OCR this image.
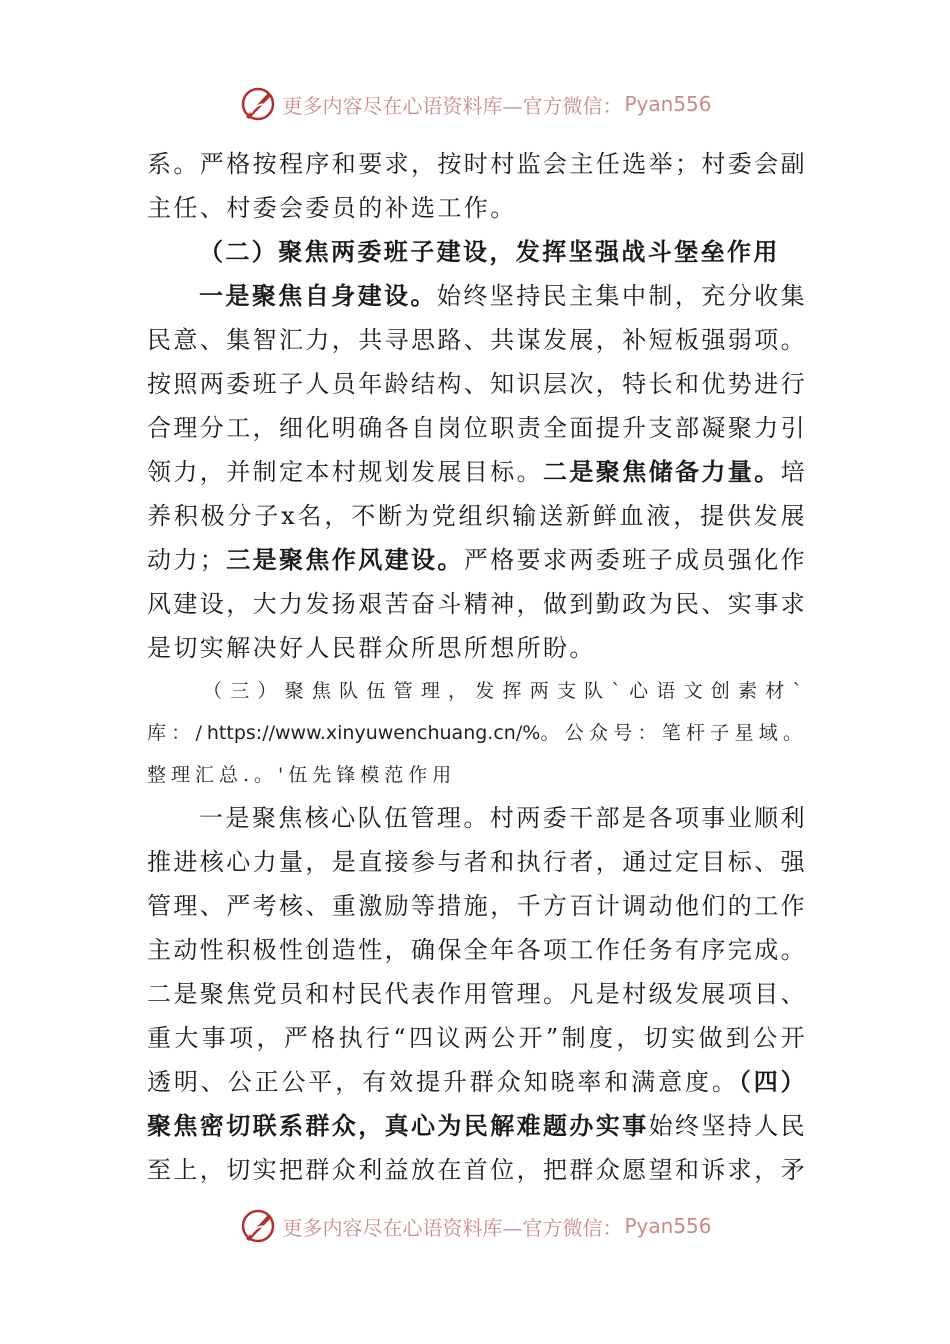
更多内容尽在心语资料库—官方微信： Pyan556

系。严格按程序和要求，按时村监会主任选举；村委会副主任、村委会委员的补选工作。

（二）聚焦两委班子建设，发挥坚强战斗堡垒作用

一是聚焦自身建设。始终坚持民主集中制，充分收集民意、集智汇力，共寻思路、共谋发展，补短板强弱项。按照两委班子人员年龄结构、知识层次，特长和优势进行合理分工，细化明确各自岗位职责全面提升支部凝聚力引领力，并制定本村规划发展目标。二是聚焦储备力量。培养积极分子x名，不断为党组织输送新鲜血液，提供发展动力；三是聚焦作风建设。严格要求两委班子成员强化作风建设，大力发扬艰苦奋斗精神，做到勤政为民、实事求是切实解决好人民群众所思所想所盼。

（三）聚焦队伍管理，发挥两支队`心语文创素材`库：/https://www.xinyuwenchuang.cn/%。公众号：笔杆子星域。整理汇总.。'伍先锋模范作用

一是聚焦核心队伍管理。村两委干部是各项事业顺利推进核心力量，是直接参与者和执行者，通过定目标、强管理、严考核、重激励等措施，千方百计调动他们的工作主动性积极性创造性，确保全年各项工作任务有序完成。二是聚焦党员和村民代表作用管理。凡是村级发展项目、重大事项，严格执行“四议两公开”制度，切实做到公开透明、公正公平，有效提升群众知晓率和满意度。（四）聚焦密切联系群众，真心为民解难题办实事始终坚持人民至上，切实把群众利益放在首位，把群众愿望和诉求，矛

更多内容尽在心语资料库—官方微信： Pyan556
